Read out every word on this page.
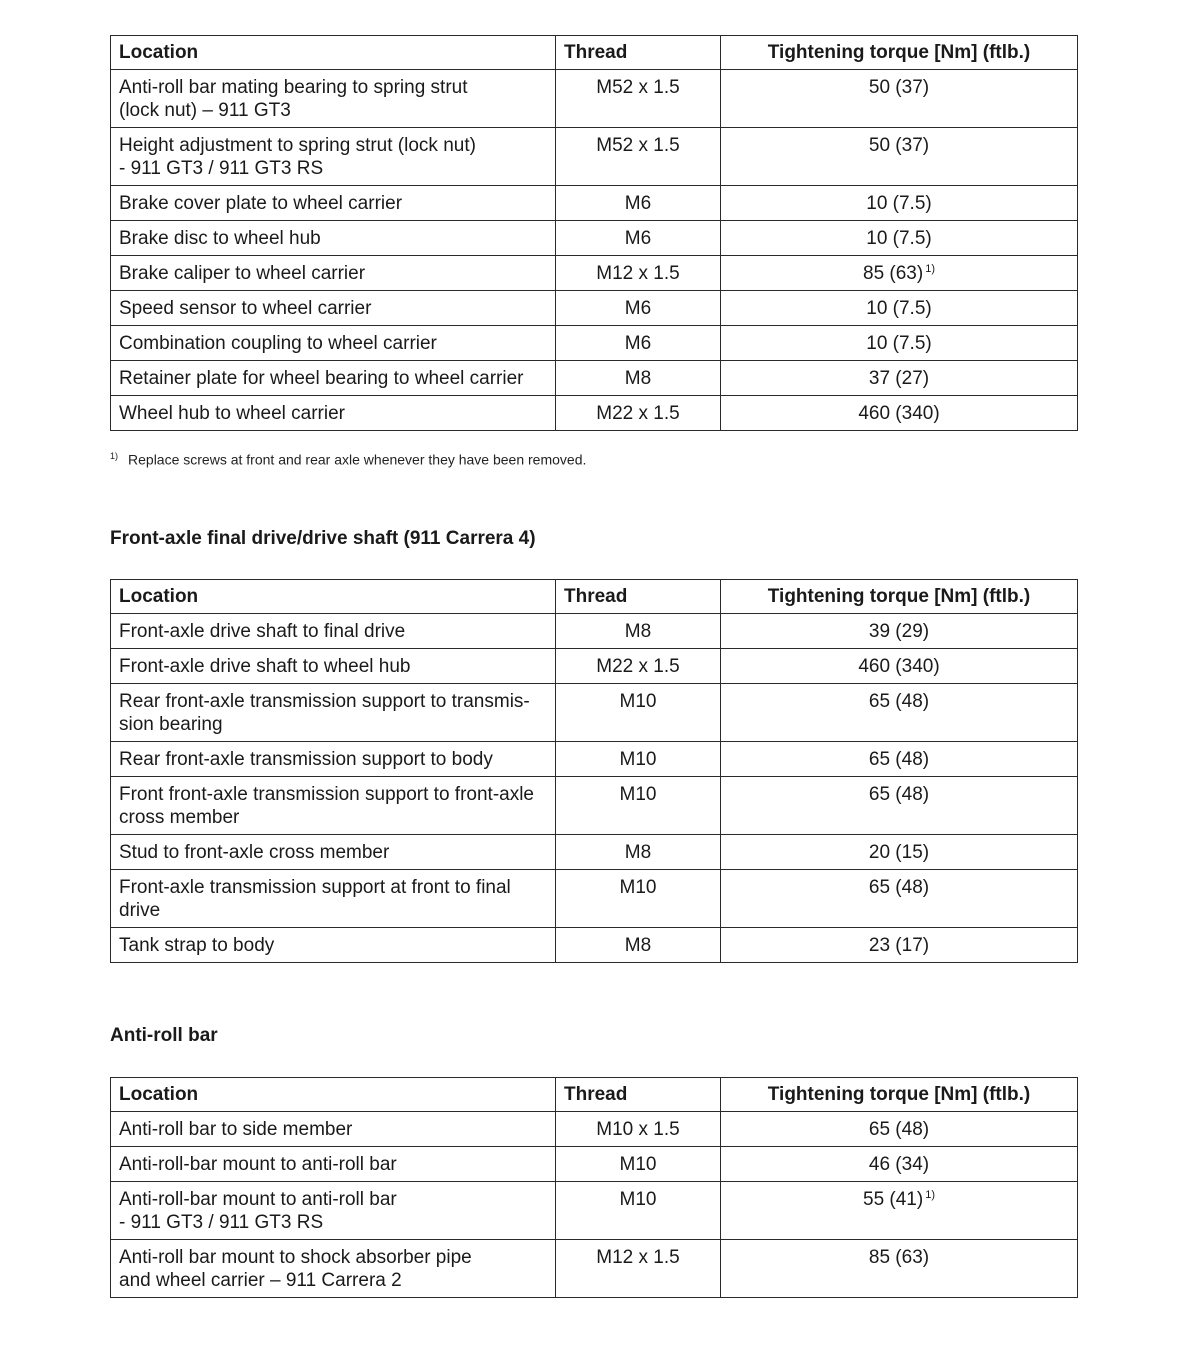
Location	Thread	Tightening torque [Nm] (ftlb.)

Anti-roll bar mating bearing to spring strut
(lock nut) – 911 GT3	M52 x 1.5	50 (37)

Height adjustment to spring strut (lock nut)
- 911 GT3 / 911 GT3 RS	M52 x 1.5	50 (37)

Brake cover plate to wheel carrier	M6	10 (7.5)

Brake disc to wheel hub	M6	10 (7.5)

Brake caliper to wheel carrier	M12 x 1.5	85 (63) $^{1)}$

Speed sensor to wheel carrier	M6	10 (7.5)

Combination coupling to wheel carrier	M6	10 (7.5)

Retainer plate for wheel bearing to wheel carrier	M8	37 (27)

Wheel hub to wheel carrier	M22 x 1.5	460 (340)
$^{1)}$ Replace screws at front and rear axle whenever they have been removed.
Front-axle final drive/drive shaft (911 Carrera 4)
Location	Thread	Tightening torque [Nm] (ftlb.)

Front-axle drive shaft to final drive	M8	39 (29)

Front-axle drive shaft to wheel hub	M22 x 1.5	460 (340)

Rear front-axle transmission support to transmis-
sion bearing	M10	65 (48)

Rear front-axle transmission support to body	M10	65 (48)

Front front-axle transmission support to front-axle
cross member	M10	65 (48)

Stud to front-axle cross member	M8	20 (15)

Front-axle transmission support at front to final
drive	M10	65 (48)

Tank strap to body	M8	23 (17)
Anti-roll bar
Location	Thread	Tightening torque [Nm] (ftlb.)

Anti-roll bar to side member	M10 x 1.5	65 (48)

Anti-roll-bar mount to anti-roll bar	M10	46 (34)

Anti-roll-bar mount to anti-roll bar
- 911 GT3 / 911 GT3 RS	M10	55 (41) $^{1)}$

Anti-roll bar mount to shock absorber pipe
and wheel carrier – 911 Carrera 2	M12 x 1.5	85 (63)
